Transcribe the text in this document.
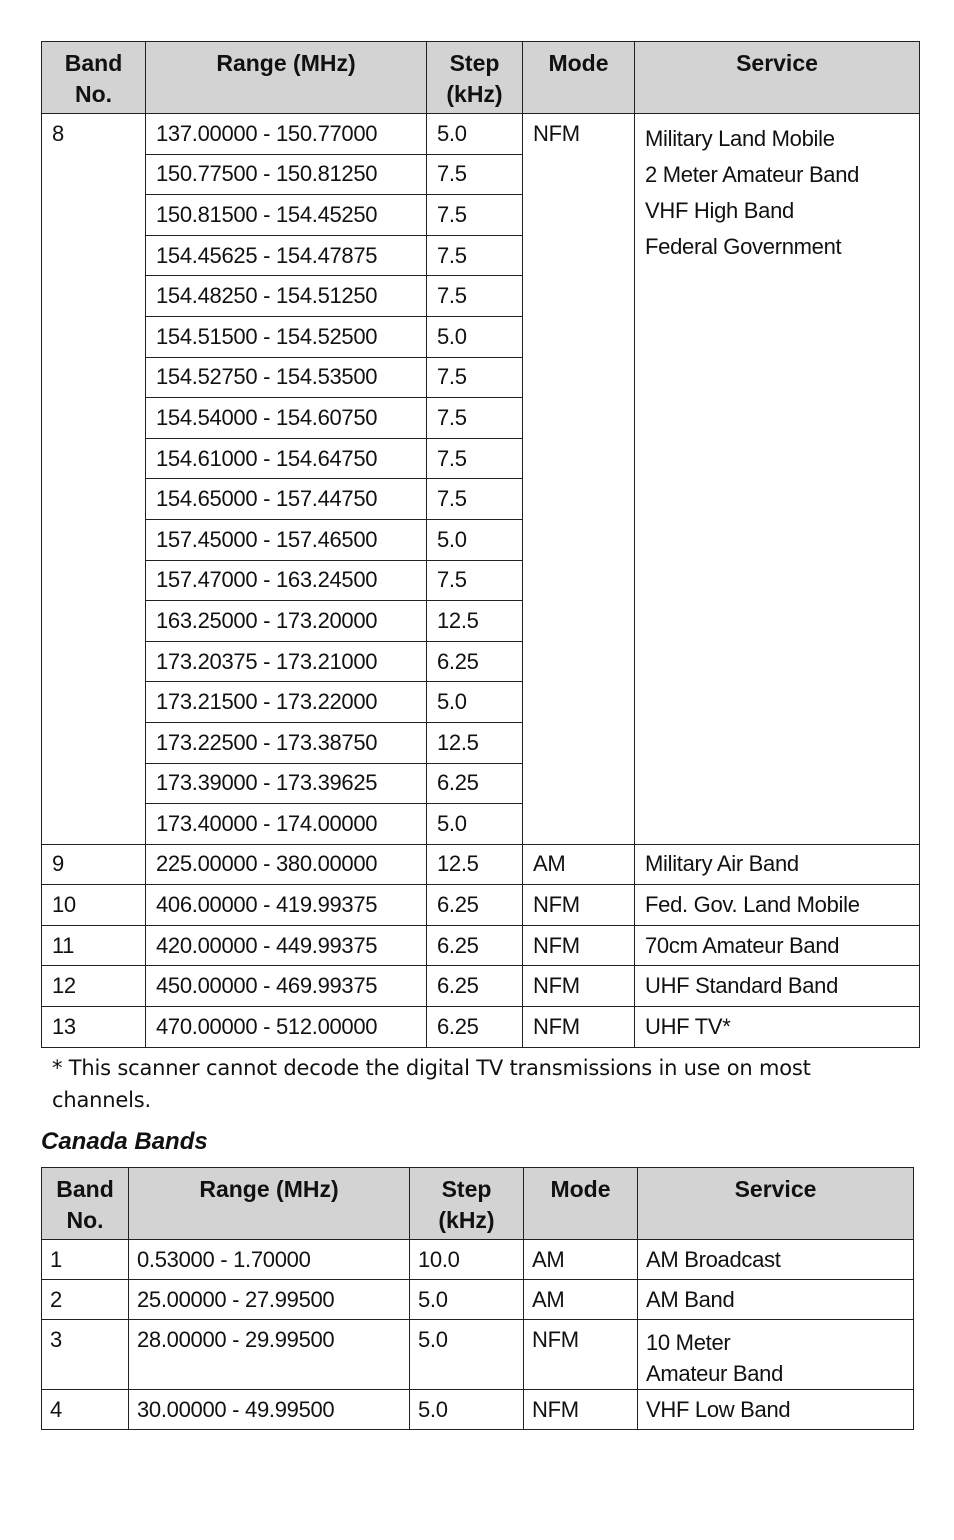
Band No.	Range (MHz)	Step (kHz)	Mode	Service
8	137.00000 - 150.77000	5.0	NFM	Military Land Mobile
2 Meter Amateur Band
VHF High Band
Federal Government

	150.77500 - 150.81250	7.5		
	150.81500 - 154.45250	7.5		
	154.45625 - 154.47875	7.5		
	154.48250 - 154.51250	7.5		
	154.51500 - 154.52500	5.0		
	154.52750 - 154.53500	7.5		
	154.54000 - 154.60750	7.5		
	154.61000 - 154.64750	7.5		
	154.65000 - 157.44750	7.5		
	157.45000 - 157.46500	5.0		
	157.47000 - 163.24500	7.5		
	163.25000 - 173.20000	12.5		
	173.20375 - 173.21000	6.25		
	173.21500 - 173.22000	5.0		
	173.22500 - 173.38750	12.5		
	173.39000 - 173.39625	6.25		
	173.40000 - 174.00000	5.0		
9	225.00000 - 380.00000	12.5	AM	Military Air Band
10	406.00000 - 419.99375	6.25	NFM	Fed. Gov. Land Mobile
11	420.00000 - 449.99375	6.25	NFM	70cm Amateur Band
12	450.00000 - 469.99375	6.25	NFM	UHF Standard Band
13	470.00000 - 512.00000	6.25	NFM	UHF TV*
* This scanner cannot decode the digital TV transmissions in use on most channels.
Canada Bands
Band No.	Range (MHz)	Step (kHz)	Mode	Service
1	0.53000 - 1.70000	10.0	AM	AM Broadcast
2	25.00000 - 27.99500	5.0	AM	AM Band
3	28.00000 - 29.99500	5.0	NFM	10 Meter
Amateur Band

4	30.00000 - 49.99500	5.0	NFM	VHF Low Band
